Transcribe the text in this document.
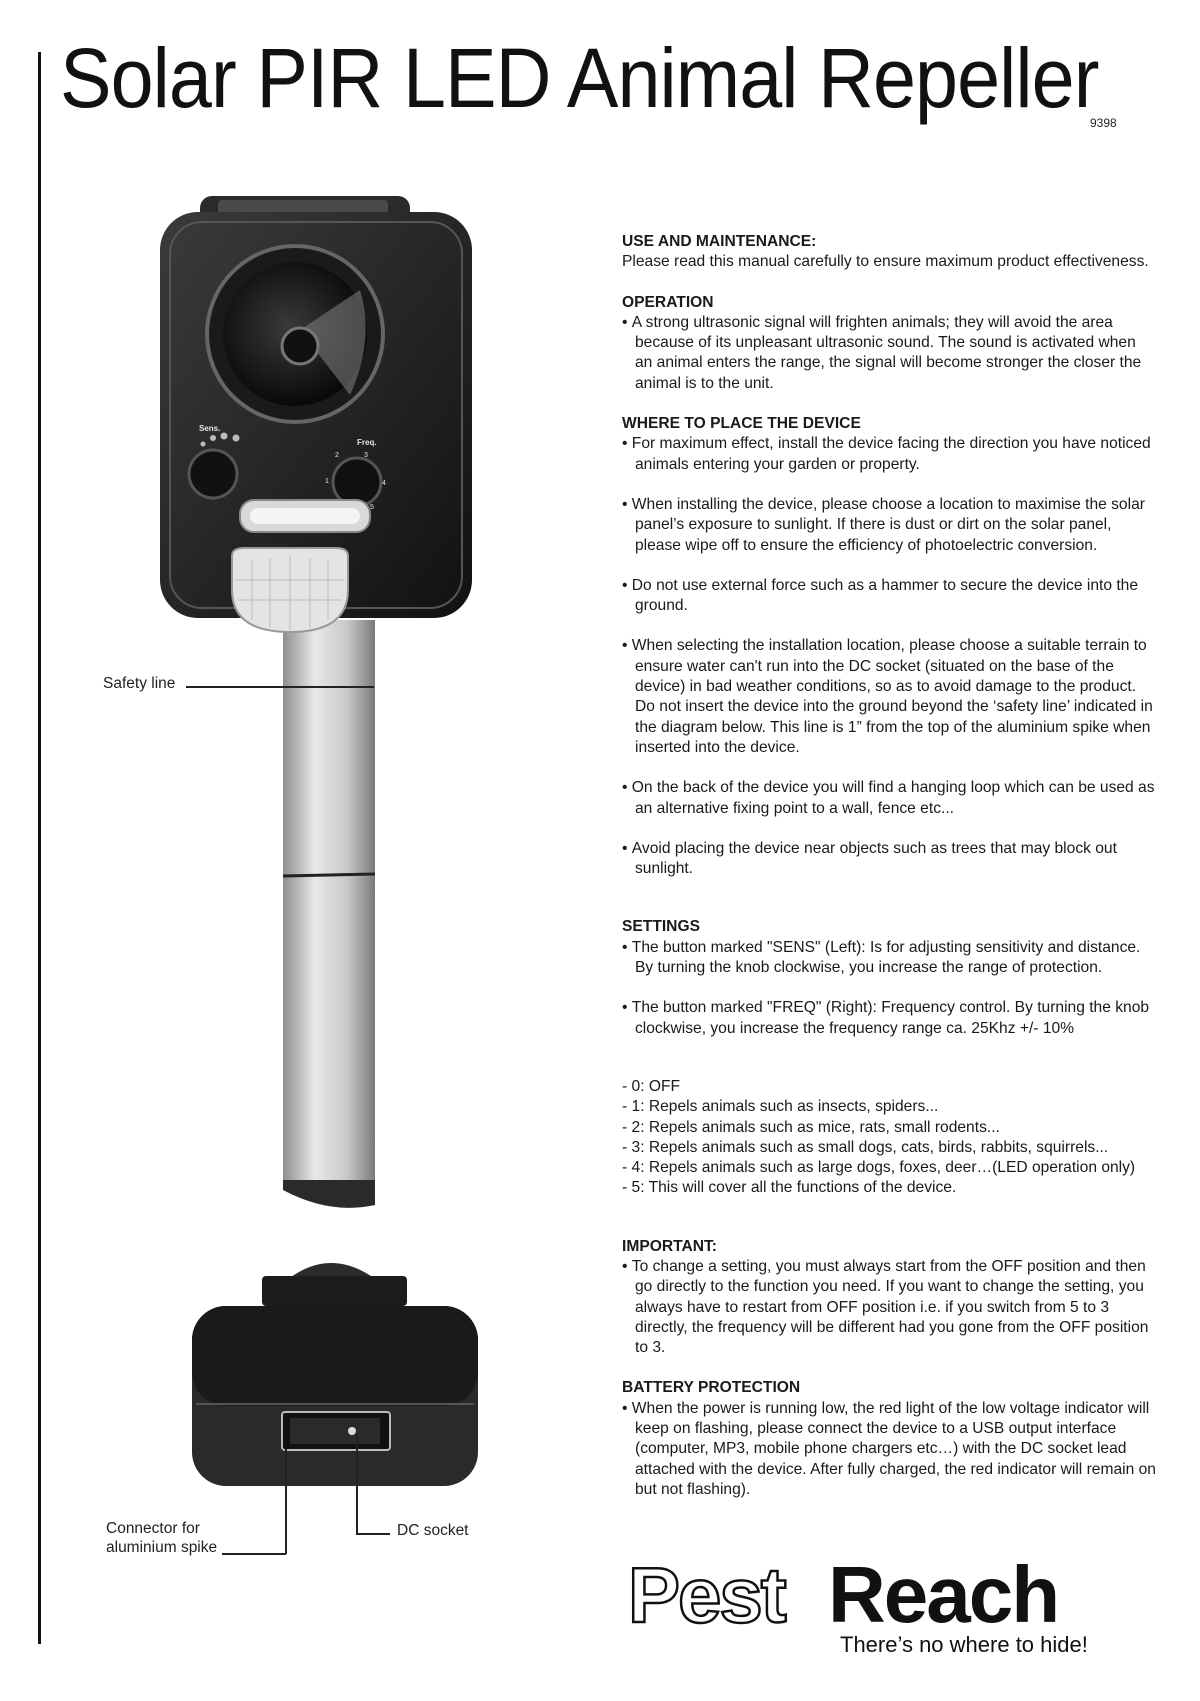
Solar PIR LED Animal Repeller
9398
Safety line
Sens.
Freq.
1
2	3
4
5
Connector for
aluminium spike
DC socket
USE AND MAINTENANCE:
Please read this manual carefully to ensure maximum product effectiveness.
OPERATION
• A strong ultrasonic signal will frighten animals; they will avoid the area because of its unpleasant ultrasonic sound. The sound is activated when an animal enters the range, the signal will become stronger the closer the animal is to the unit.
WHERE TO PLACE THE DEVICE
• For maximum effect, install the device facing the direction you have noticed animals entering your garden or property.
• When installing the device, please choose a location to maximise the solar panel’s exposure to sunlight. If there is dust or dirt on the solar panel, please wipe off to ensure the efficiency of photoelectric conversion.
• Do not use external force such as a hammer to secure the device into the ground.
• When selecting the installation location, please choose a suitable terrain to ensure water can't run into the DC socket (situated on the base of the device) in bad weather conditions, so as to avoid damage to the product. Do not insert the device into the ground beyond the ‘safety line’ indicated in the diagram below. This line is 1” from the top of the aluminium spike when inserted into the device.
• On the back of the device you will find a hanging loop which can be used as an alternative fixing point to a wall, fence etc...
• Avoid placing the device near objects such as trees that may block out sunlight.
SETTINGS
• The button marked "SENS" (Left): Is for adjusting sensitivity and distance. By turning the knob clockwise, you increase the range of protection.
• The button marked "FREQ" (Right): Frequency control. By turning the knob clockwise, you increase the frequency range ca. 25Khz +/- 10%
- 0: OFF
- 1: Repels animals such as insects, spiders...
- 2: Repels animals such as mice, rats, small rodents...
- 3: Repels animals such as small dogs, cats, birds, rabbits, squirrels...
- 4: Repels animals such as large dogs, foxes, deer…(LED operation only)
- 5: This will cover all the functions of the device.
IMPORTANT:
• To change a setting, you must always start from the OFF position and then go directly to the function you need. If you want to change the setting, you always have to restart from OFF position i.e. if you switch from 5 to 3 directly, the frequency will be different had you gone from the OFF position to 3.
BATTERY PROTECTION
• When the power is running low, the red light of the low voltage indicator will keep on flashing, please connect the device to a USB output interface (computer, MP3, mobile phone chargers etc…) with the DC socket lead attached with the device. After fully charged, the red indicator will remain on but not flashing).
Pest Reach
There’s no where to hide!
